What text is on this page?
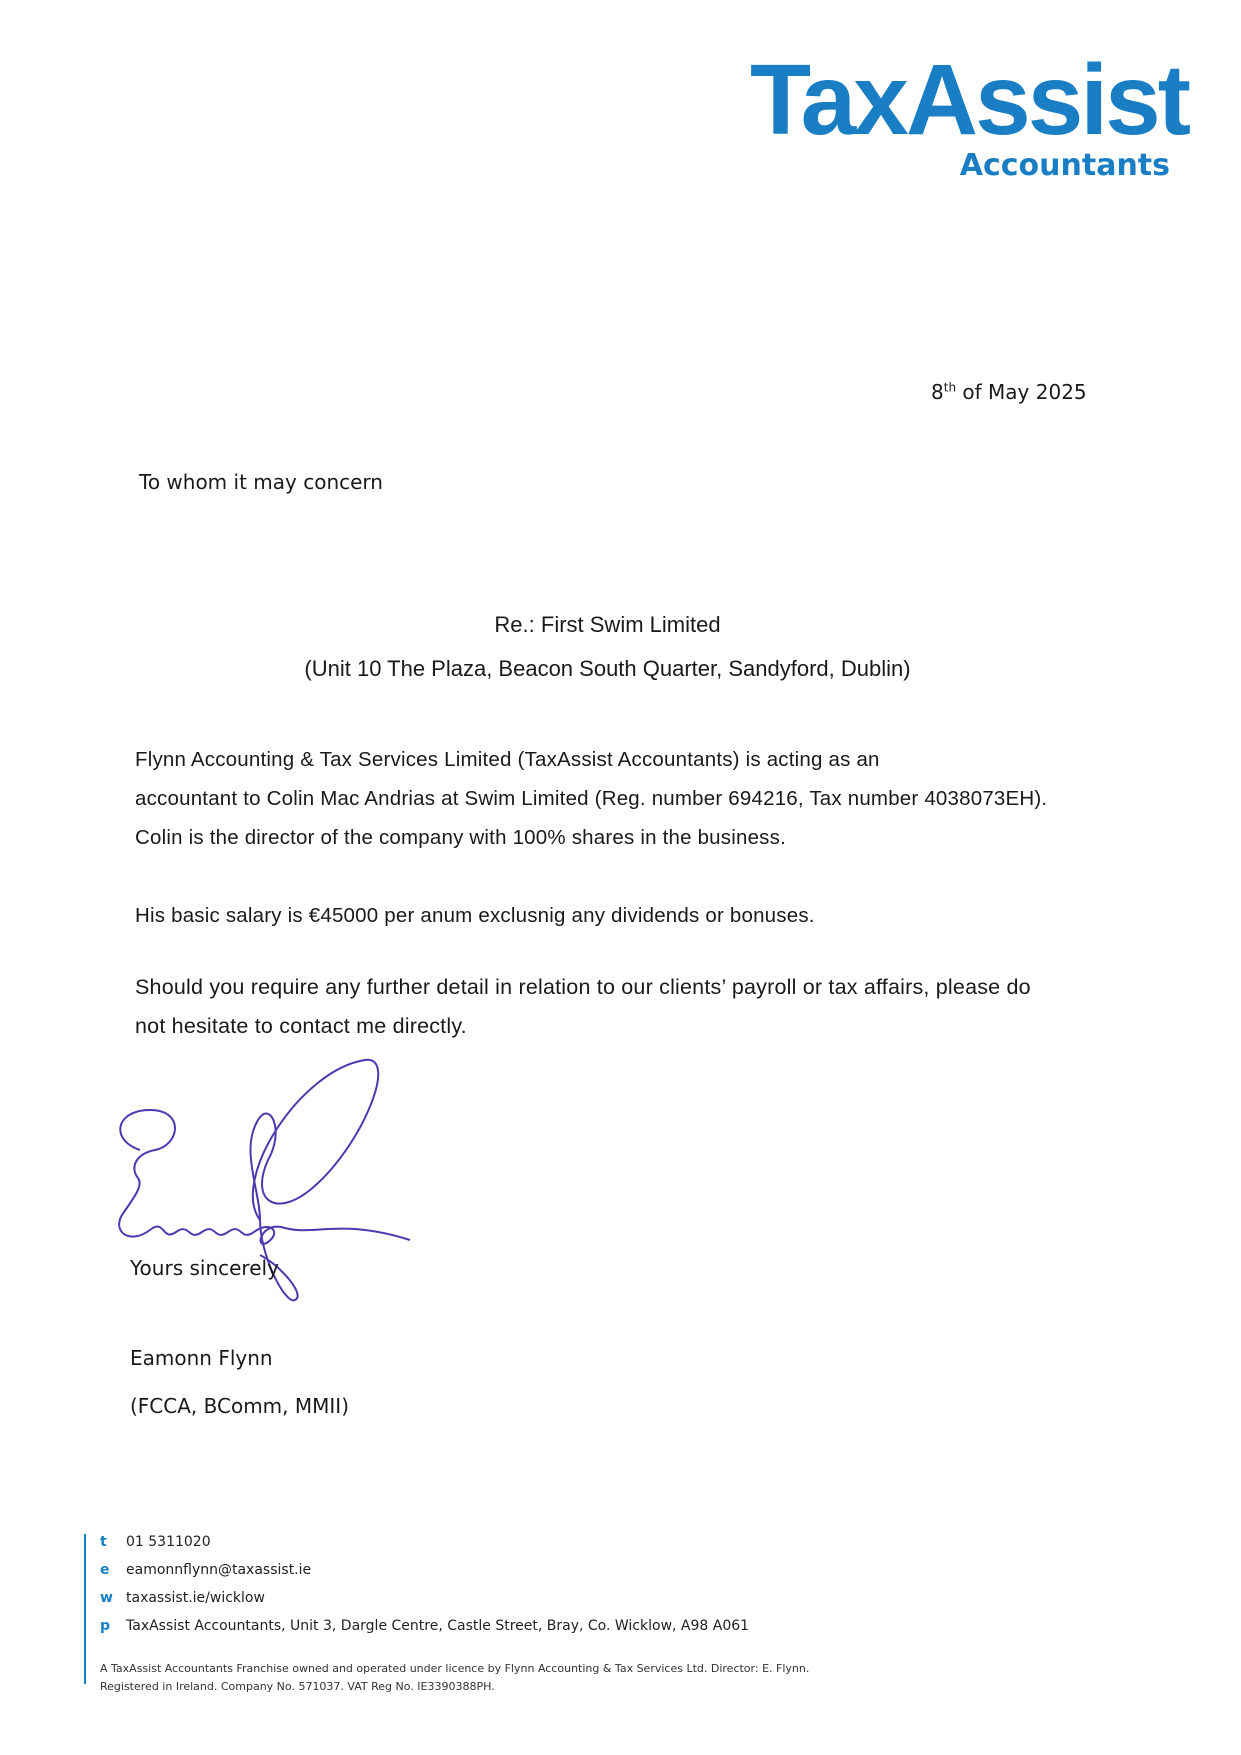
TaxAssist
Accountants
8th of May 2025
To whom it may concern
Re.: First Swim Limited
(Unit 10 The Plaza, Beacon South Quarter, Sandyford, Dublin)
Flynn Accounting & Tax Services Limited (TaxAssist Accountants) is acting as an
accountant to Colin Mac Andrias at Swim Limited (Reg. number 694216, Tax number 4038073EH).
Colin is the director of the company with 100% shares in the business.
His basic salary is €45000 per anum exclusnig any dividends or bonuses.
Should you require any further detail in relation to our clients’ payroll or tax affairs, please do
not hesitate to contact me directly.
Yours sincerely
Eamonn Flynn
(FCCA, BComm, MMII)
t 01 5311020
e eamonnflynn@taxassist.ie
w taxassist.ie/wicklow
p TaxAssist Accountants, Unit 3, Dargle Centre, Castle Street, Bray, Co. Wicklow, A98 A061
A TaxAssist Accountants Franchise owned and operated under licence by Flynn Accounting & Tax Services Ltd. Director: E. Flynn.
Registered in Ireland. Company No. 571037. VAT Reg No. IE3390388PH.
